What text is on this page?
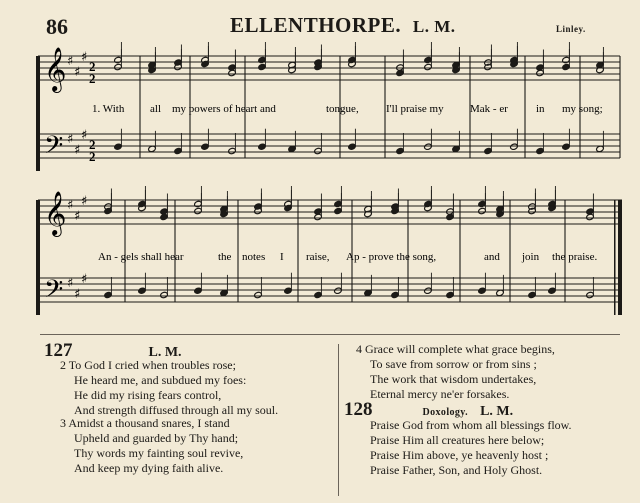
86	ELLENTHORPE. L. M.	Linley.
𝄞
𝄢
𝄞
𝄢
♯
♯
♯
♯
♯
♯
♯
♯
♯
♯
♯
♯
2
2
2
2
1. With all my powers of heart and	tongue, I'll praise my Mak - er	in my song;
An - gels shall hear	the notes I raise, Ap - prove the song,	and join the praise.
127	L. M.
2 To God I cried when troubles rose;
He heard me, and subdued my foes:
He did my rising fears control,
And strength diffused through all my soul.
3 Amidst a thousand snares, I stand
Upheld and guarded by Thy hand;
Thy words my fainting soul revive,
And keep my dying faith alive.
4 Grace will complete what grace begins,
To save from sorrow or from sins ;
The work that wisdom undertakes,
Eternal mercy ne'er forsakes.
128	Doxology. L. M.
Praise God from whom all blessings flow.
Praise Him all creatures here below;
Praise Him above, ye heavenly host ;
Praise Father, Son, and Holy Ghost.
